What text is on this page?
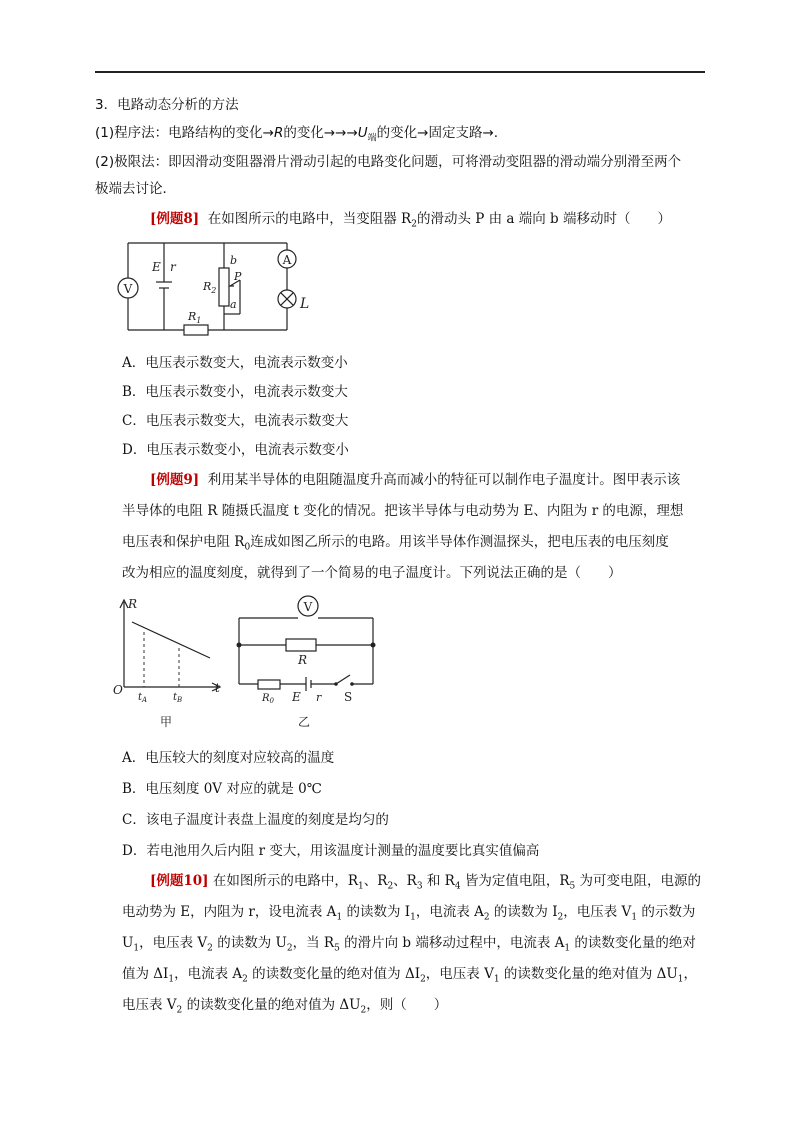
3．电路动态分析的方法
(1)程序法：电路结构的变化→R的变化$\to\to\to U_端$的变化→固定支路→.
(2)极限法：即因滑动变阻器滑片滑动引起的电路变化问题，可将滑动变阻器的滑动端分别滑至两个
极端去讨论．
[例题8] 在如图所示的电路中，当变阻器 $R_2$的滑动头 P 由 a 端向 b 端移动时（　　）
V
A
E r
$R_2$
b
P
a
$R_1$
L
A．电压表示数变大，电流表示数变小
B．电压表示数变小，电流表示数变大
C．电压表示数变大，电流表示数变大
D．电压表示数变小，电流表示数变小
[例题9] 利用某半导体的电阻随温度升高而减小的特征可以制作电子温度计。图甲表示该
半导体的电阻 R 随摄氏温度 t 变化的情况。把该半导体与电动势为 E、内阻为 r 的电源，理想
电压表和保护电阻 $R_0$连成如图乙所示的电路。用该半导体作测温探头，把电压表的电压刻度
改为相应的温度刻度，就得到了一个简易的电子温度计。下列说法正确的是（　　）
R
t
O
$t_A$	$t_B$
甲
V
R
$R_0$ E r S
乙
A．电压较大的刻度对应较高的温度
B．电压刻度 0V 对应的就是 0℃
C．该电子温度计表盘上温度的刻度是均匀的
D．若电池用久后内阻 r 变大，用该温度计测量的温度要比真实值偏高
[例题10] 在如图所示的电路中，$R_1$、$R_2$、$R_3$ 和 $R_4$ 皆为定值电阻，$R_5$ 为可变电阻，电源的
电动势为 E，内阻为 r，设电流表 $A_1$ 的读数为 $I_1$，电流表 $A_2$ 的读数为 $I_2$，电压表 $V_1$ 的示数为
$U_1$，电压表 $V_2$ 的读数为 $U_2$，当 $R_5$ 的滑片向 b 端移动过程中，电流表 $A_1$ 的读数变化量的绝对
值为 $\Delta I_1$，电流表 $A_2$ 的读数变化量的绝对值为 $\Delta I_2$，电压表 $V_1$ 的读数变化量的绝对值为 $\Delta U_1$，
电压表 $V_2$ 的读数变化量的绝对值为 $\Delta U_2$，则（　　）
